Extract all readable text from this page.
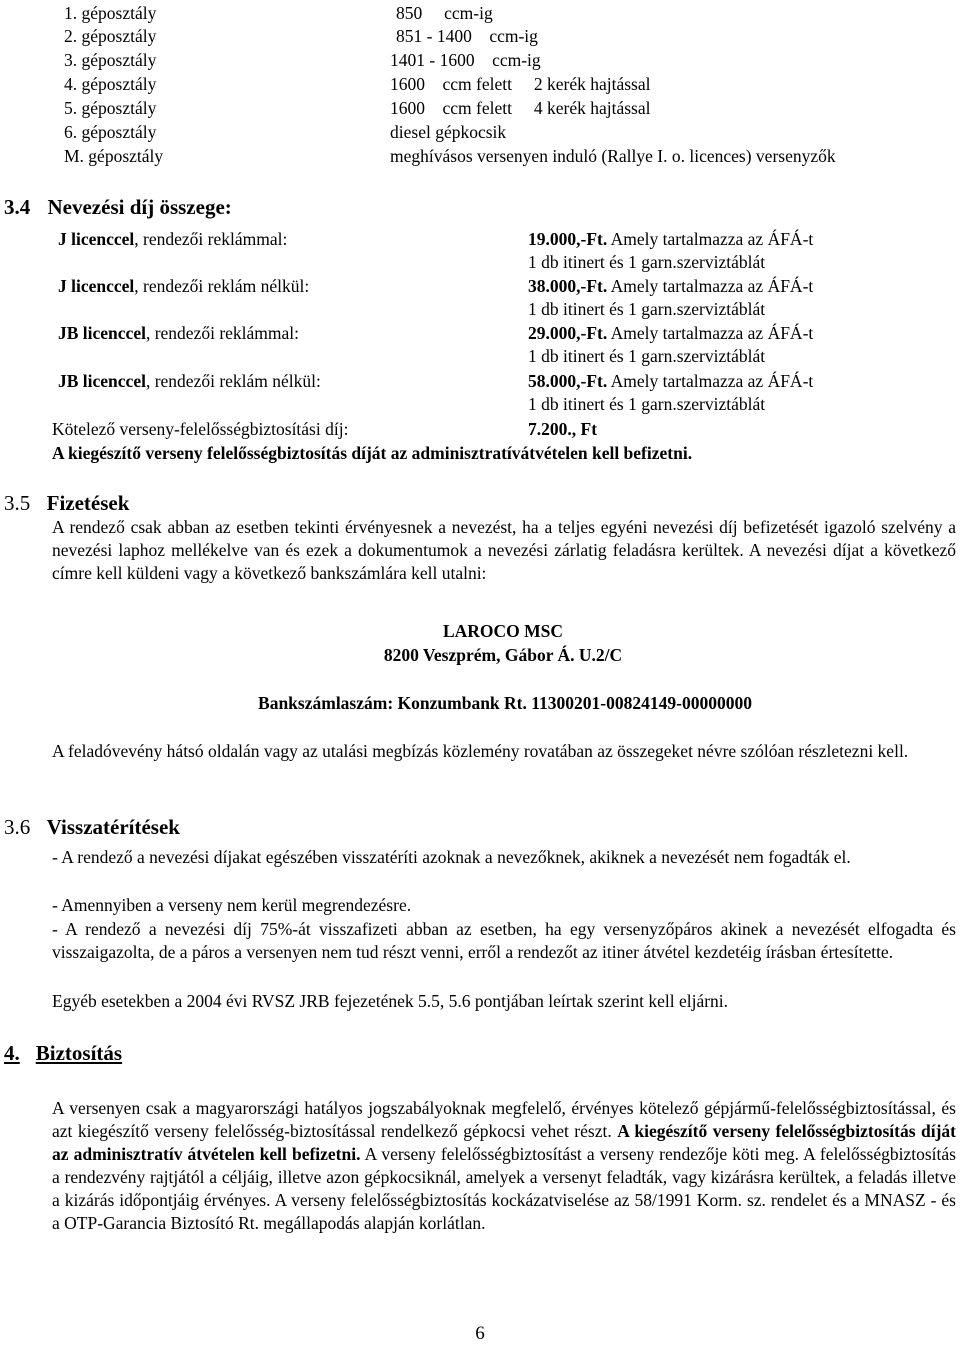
1. géposztály	850     ccm-ig
2. géposztály	851 - 1400    ccm-ig
3. géposztály	1401 - 1600    ccm-ig
4. géposztály	1600    ccm felett     2 kerék hajtással
5. géposztály	1600    ccm felett     4 kerék hajtással
6. géposztály	diesel gépkocsik
M. géposztály	meghívásos versenyen induló (Rallye I. o. licences) versenyzők
3.4 Nevezési díj összege:
J licenccel, rendezői reklámmal:	19.000,-Ft. Amely tartalmazza az ÁFÁ-t
1 db itinert és 1 garn.szerviztáblát
J licenccel, rendezői reklám nélkül:	38.000,-Ft. Amely tartalmazza az ÁFÁ-t
1 db itinert és 1 garn.szerviztáblát
JB licenccel, rendezői reklámmal:	29.000,-Ft. Amely tartalmazza az ÁFÁ-t
1 db itinert és 1 garn.szerviztáblát
JB licenccel, rendezői reklám nélkül:	58.000,-Ft. Amely tartalmazza az ÁFÁ-t
1 db itinert és 1 garn.szerviztáblát
Kötelező verseny-felelősségbiztosítási díj:	7.200., Ft
A kiegészítő verseny felelősségbiztosítás díját az adminisztratívátvételen kell befizetni.
3.5 Fizetések
A rendező csak abban az esetben tekinti érvényesnek a nevezést, ha a teljes egyéni nevezési díj befizetését igazoló szelvény a nevezési laphoz mellékelve van és ezek a dokumentumok a nevezési zárlatig feladásra kerültek. A nevezési díjat a következő címre kell küldeni vagy a következő bankszámlára kell utalni:
LAROCO MSC
8200 Veszprém, Gábor Á. U.2/C
Bankszámlaszám: Konzumbank Rt. 11300201-00824149-00000000
A feladóvevény hátsó oldalán vagy az utalási megbízás közlemény rovatában az összegeket névre szólóan részletezni kell.
3.6 Visszatérítések
- A rendező a nevezési díjakat egészében visszatéríti azoknak a nevezőknek, akiknek a nevezését nem fogadták el.
- Amennyiben a verseny nem kerül megrendezésre.
- A rendező a nevezési díj 75%-át visszafizeti abban az esetben, ha egy versenyzőpáros akinek a nevezését elfogadta és visszaigazolta, de a páros a versenyen nem tud részt venni, erről a rendezőt az itiner átvétel kezdetéig írásban értesítette.
Egyéb esetekben a 2004 évi RVSZ JRB fejezetének 5.5, 5.6 pontjában leírtak szerint kell eljárni.
4. Biztosítás
A versenyen csak a magyarországi hatályos jogszabályoknak megfelelő, érvényes kötelező gépjármű-felelősségbiztosítással, és azt kiegészítő verseny felelősség-biztosítással rendelkező gépkocsi vehet részt. A kiegészítő verseny felelősségbiztosítás díját az adminisztratív átvételen kell befizetni. A verseny felelősségbiztosítást a verseny rendezője köti meg. A felelősségbiztosítás a rendezvény rajtjától a céljáig, illetve azon gépkocsiknál, amelyek a versenyt feladták, vagy kizárásra kerültek, a feladás illetve a kizárás időpontjáig érvényes. A verseny felelősségbiztosítás kockázatviselése az 58/1991 Korm. sz. rendelet és a MNASZ - és a OTP-Garancia Biztosító Rt. megállapodás alapján korlátlan.
6
